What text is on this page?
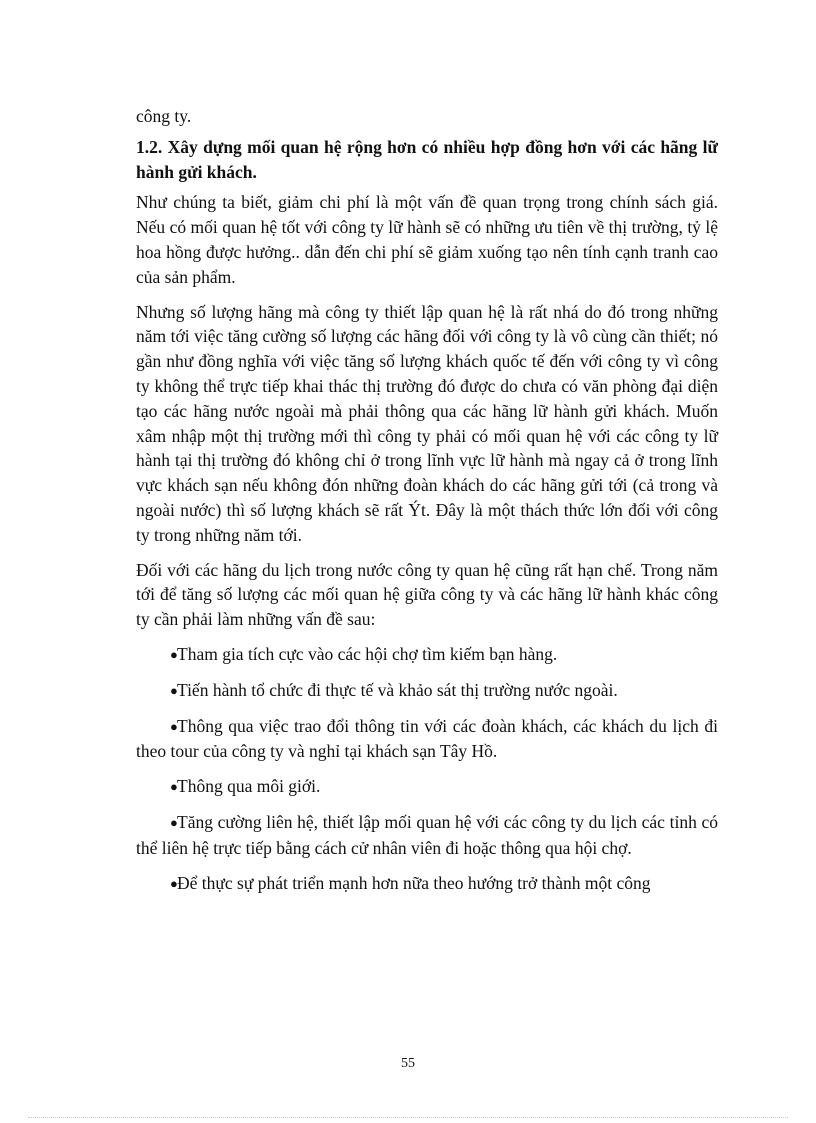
công ty.

1.2. Xây dựng mối quan hệ rộng hơn có nhiều hợp đồng hơn với các hãng lữ hành gửi khách.

Như chúng ta biết, giảm chi phí là một vấn đề quan trọng trong chính sách giá. Nếu có mối quan hệ tốt với công ty lữ hành sẽ có những ưu tiên về thị trường, tỷ lệ hoa hồng được hưởng.. dẫn đến chi phí sẽ giảm xuống tạo nên tính cạnh tranh cao của sản phẩm.

Nhưng số lượng hãng mà công ty thiết lập quan hệ là rất nhá do đó trong những năm tới việc tăng cường số lượng các hãng đối với công ty là vô cùng cần thiết; nó gần như đồng nghĩa với việc tăng số lượng khách quốc tế đến với công ty vì công ty không thể trực tiếp khai thác thị trường đó được do chưa có văn phòng đại diện tạo các hãng nước ngoài mà phải thông qua các hãng lữ hành gửi khách. Muốn xâm nhập một thị trường mới thì công ty phải có mối quan hệ với các công ty lữ hành tại thị trường đó không chỉ ở trong lĩnh vực lữ hành mà ngay cả ở trong lĩnh vực khách sạn nếu không đón những đoàn khách do các hãng gửi tới (cả trong và ngoài nước) thì số lượng khách sẽ rất Ýt. Đây là một thách thức lớn đối với công ty trong những năm tới.

Đối với các hãng du lịch trong nước công ty quan hệ cũng rất hạn chế. Trong năm tới để tăng số lượng các mối quan hệ giữa công ty và các hãng lữ hành khác công ty cần phải làm những vấn đề sau:

●Tham gia tích cực vào các hội chợ tìm kiếm bạn hàng.

●Tiến hành tổ chức đi thực tế và khảo sát thị trường nước ngoài.

●Thông qua việc trao đổi thông tin với các đoàn khách, các khách du lịch đi theo tour của công ty và nghỉ tại khách sạn Tây Hồ.

●Thông qua môi giới.

●Tăng cường liên hệ, thiết lập mối quan hệ với các công ty du lịch các tỉnh có thể liên hệ trực tiếp bằng cách cử nhân viên đi hoặc thông qua hội chợ.

●Để thực sự phát triển mạnh hơn nữa theo hướng trở thành một công

55
